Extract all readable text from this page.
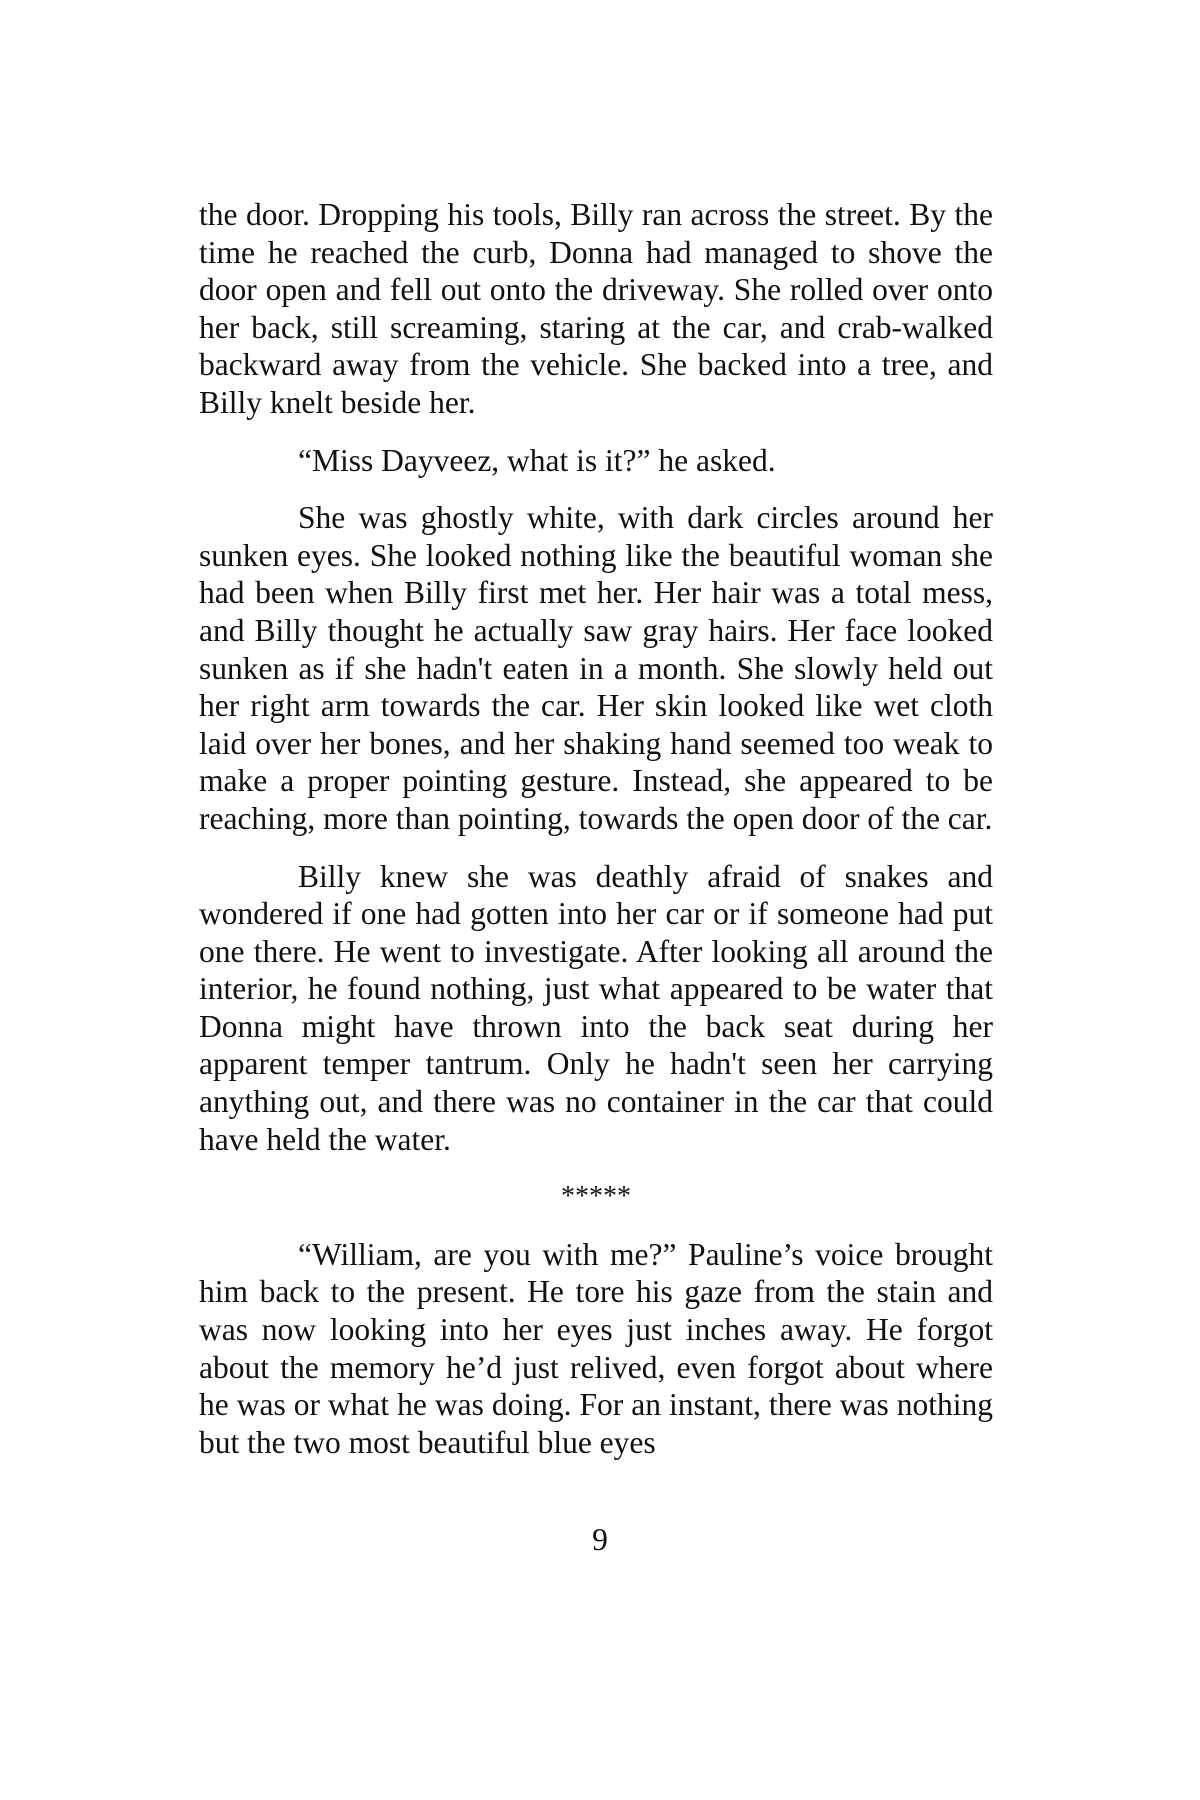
the door. Dropping his tools, Billy ran across the street. By the time he reached the curb, Donna had managed to shove the door open and fell out onto the driveway. She rolled over onto her back, still screaming, staring at the car, and crab-walked backward away from the vehicle. She backed into a tree, and Billy knelt beside her.

“Miss Dayveez, what is it?” he asked.

She was ghostly white, with dark circles around her sunken eyes. She looked nothing like the beautiful woman she had been when Billy first met her. Her hair was a total mess, and Billy thought he actually saw gray hairs. Her face looked sunken as if she hadn't eaten in a month. She slowly held out her right arm towards the car. Her skin looked like wet cloth laid over her bones, and her shaking hand seemed too weak to make a proper pointing gesture. Instead, she appeared to be reaching, more than pointing, towards the open door of the car.

Billy knew she was deathly afraid of snakes and wondered if one had gotten into her car or if someone had put one there. He went to investigate. After looking all around the interior, he found nothing, just what appeared to be water that Donna might have thrown into the back seat during her apparent temper tantrum. Only he hadn't seen her carrying anything out, and there was no container in the car that could have held the water.

*****

“William, are you with me?” Pauline’s voice brought him back to the present. He tore his gaze from the stain and was now looking into her eyes just inches away. He forgot about the memory he’d just relived, even forgot about where he was or what he was doing. For an instant, there was nothing but the two most beautiful blue eyes

9
